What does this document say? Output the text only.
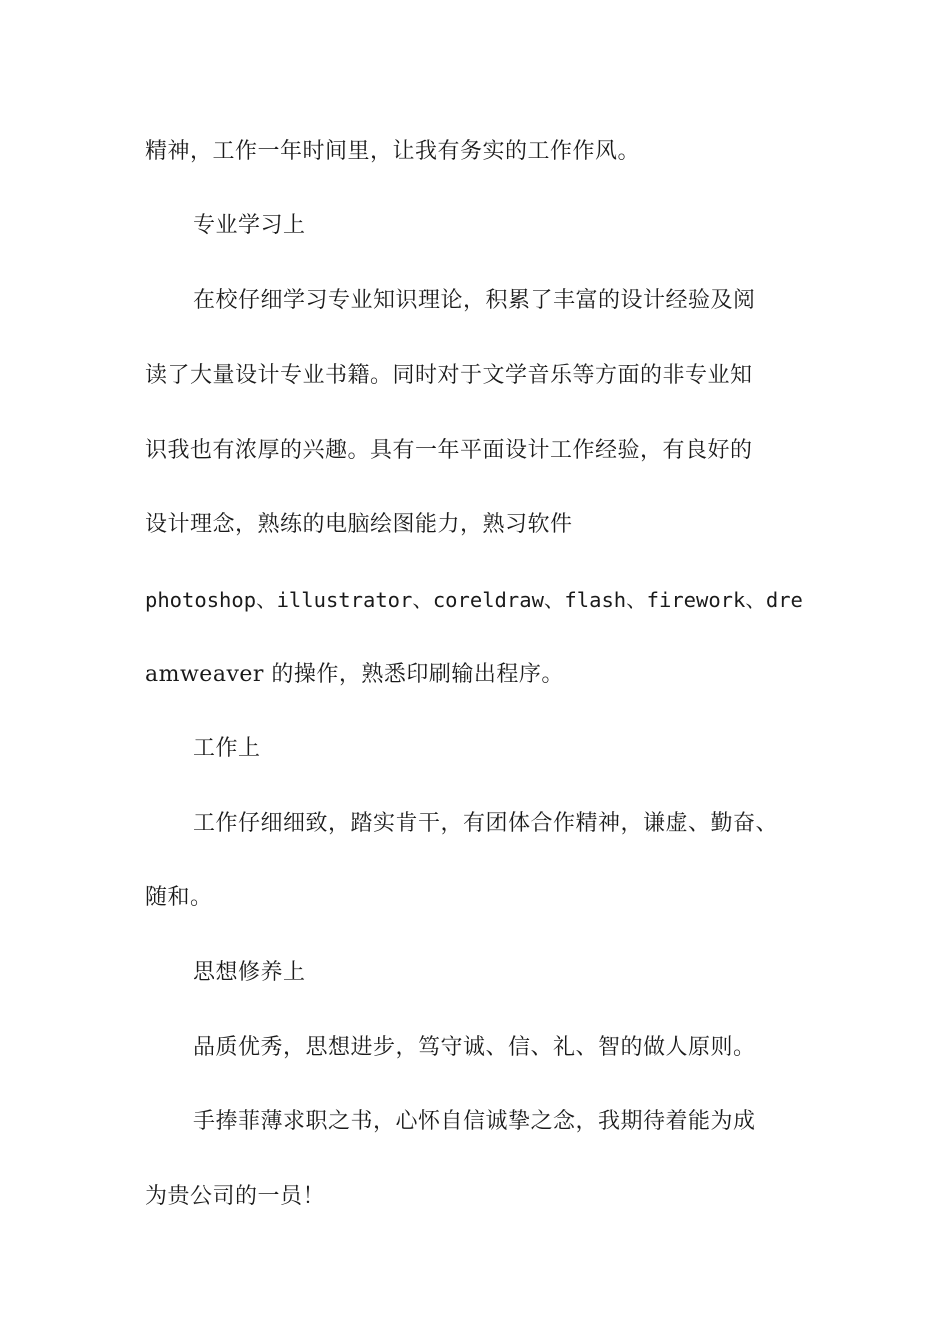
精神，工作一年时间里，让我有务实的工作作风。

专业学习上

在校仔细学习专业知识理论，积累了丰富的设计经验及阅

读了大量设计专业书籍。同时对于文学音乐等方面的非专业知

识我也有浓厚的兴趣。具有一年平面设计工作经验，有良好的

设计理念，熟练的电脑绘图能力，熟习软件

photoshop、illustrator、coreldraw、flash、firework、dre

amweaver 的操作，熟悉印刷输出程序。

工作上

工作仔细细致，踏实肯干，有团体合作精神，谦虚、勤奋、

随和。

思想修养上

品质优秀，思想进步，笃守诚、信、礼、智的做人原则。

手捧菲薄求职之书，心怀自信诚挚之念，我期待着能为成

为贵公司的一员！
